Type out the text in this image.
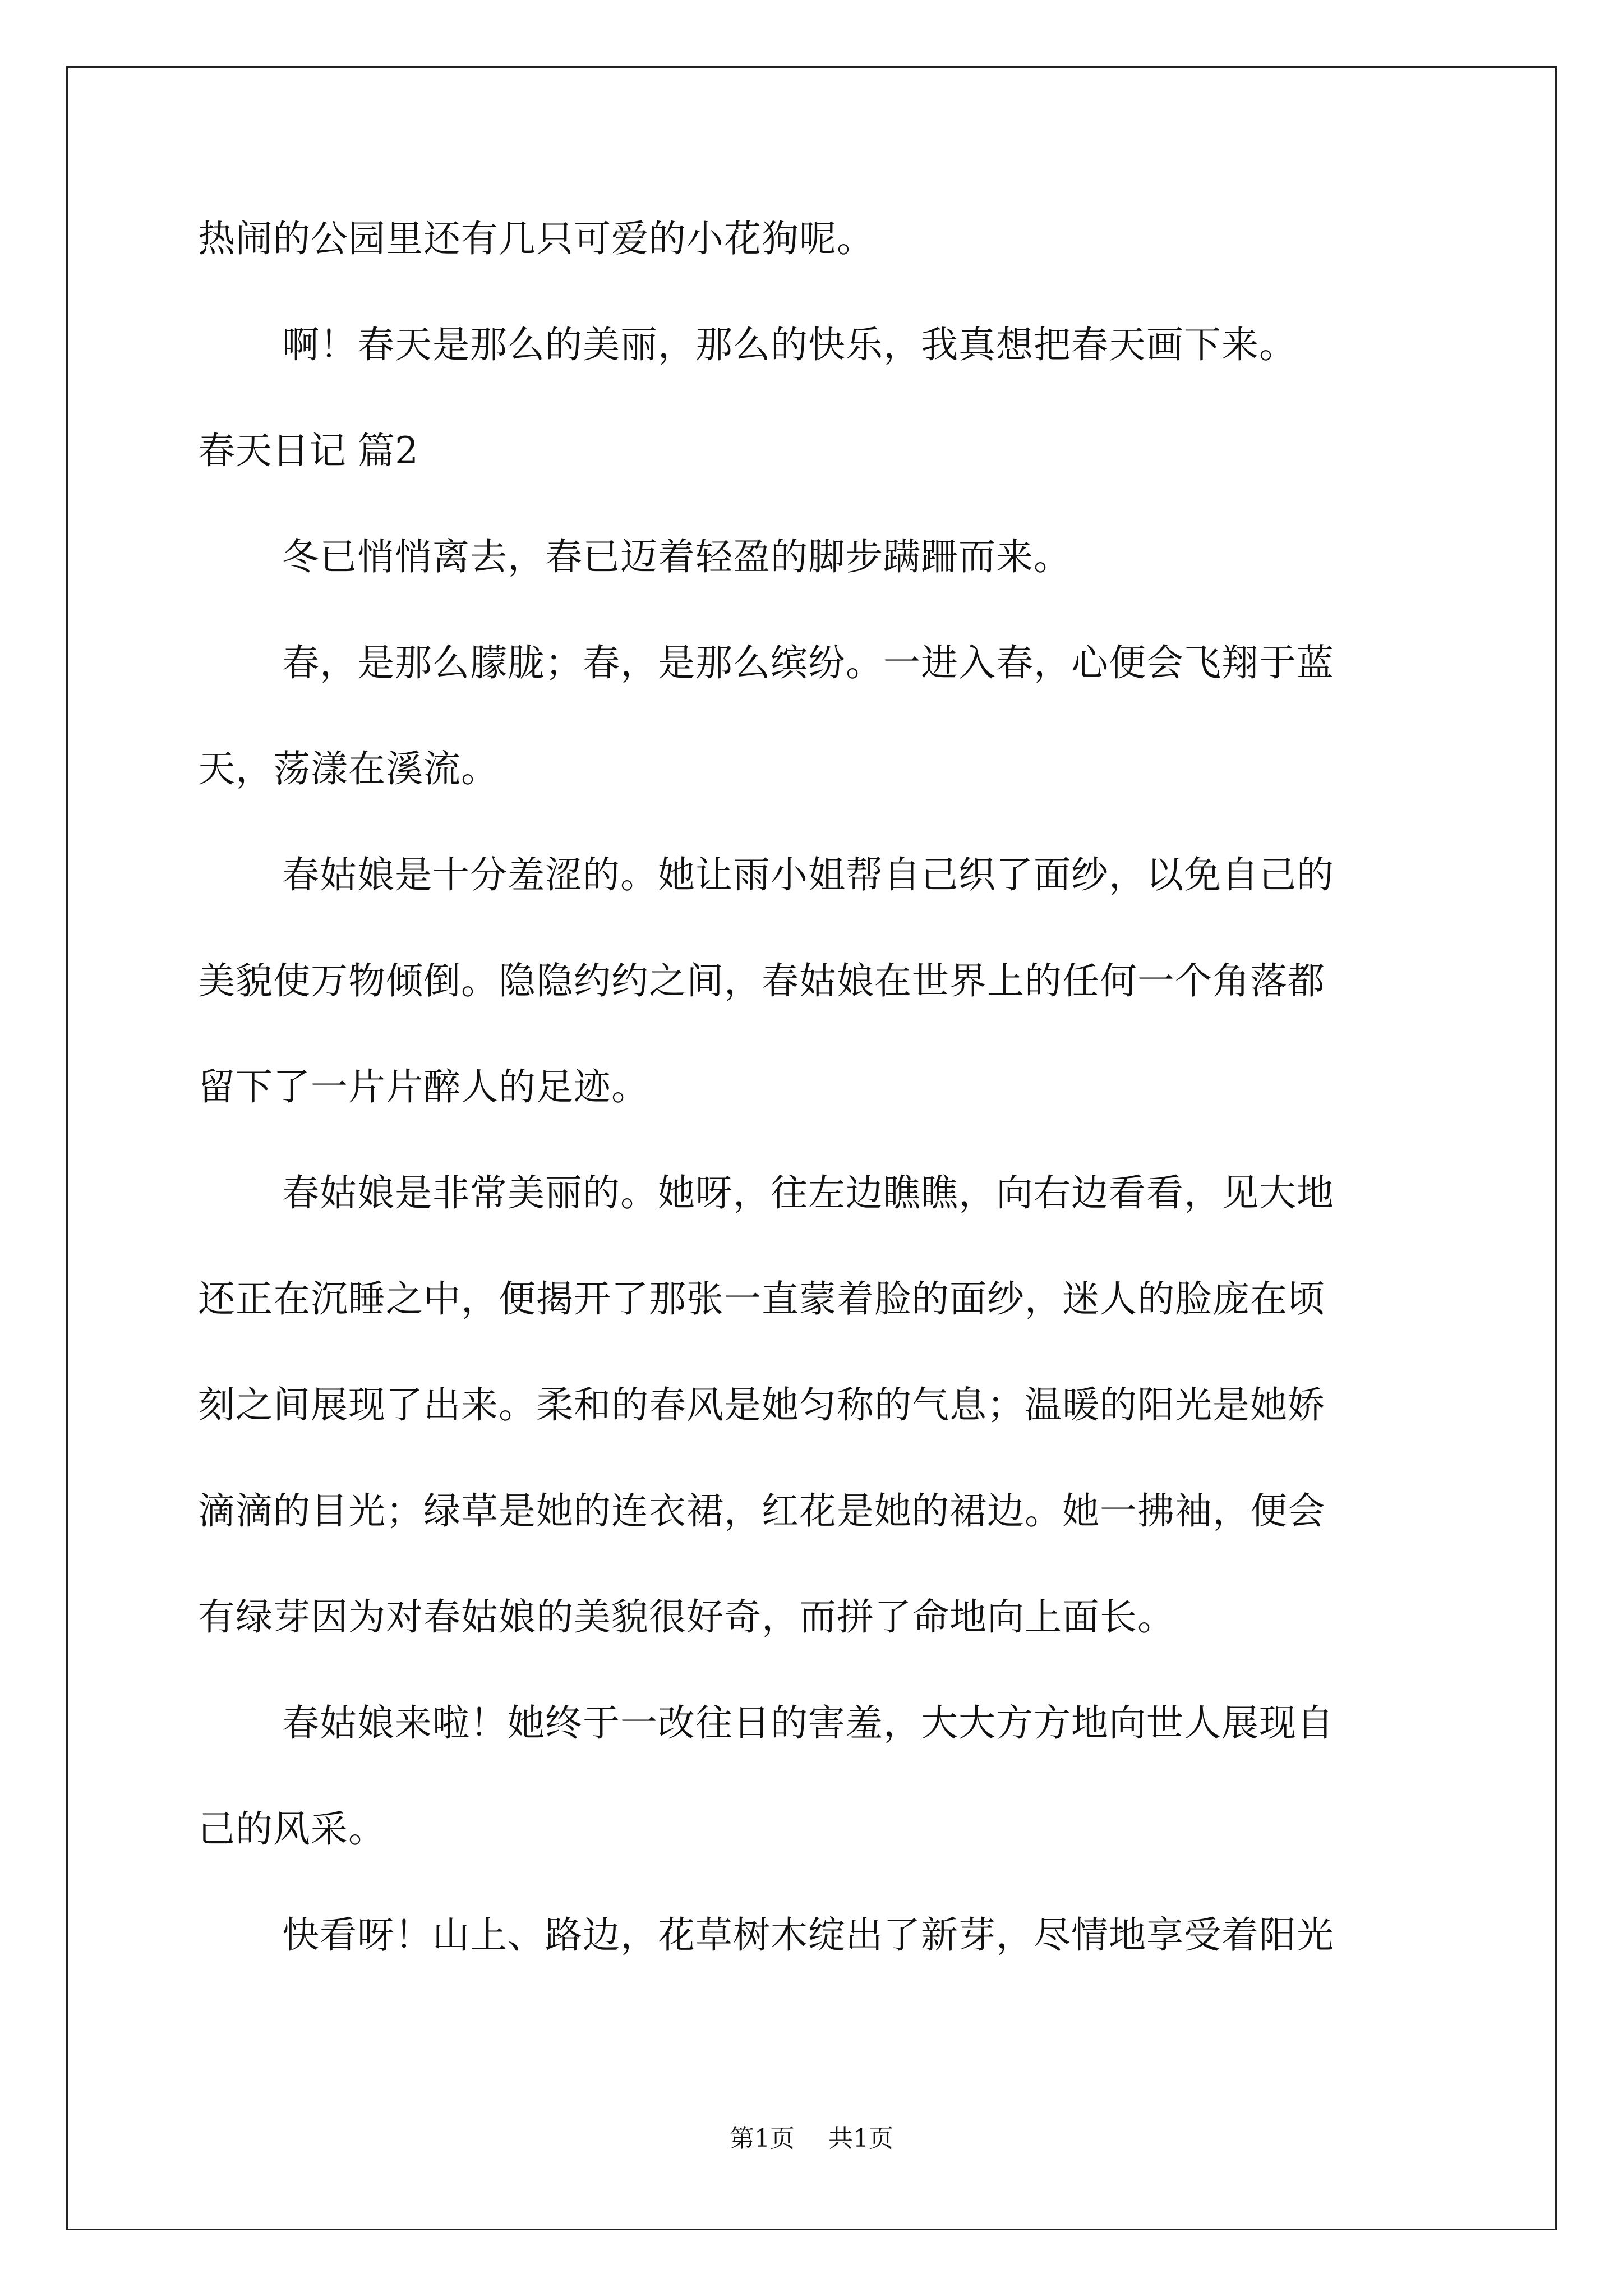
热闹的公园里还有几只可爱的小花狗呢。
啊！春天是那么的美丽，那么的快乐，我真想把春天画下来。
春天日记 篇2
冬已悄悄离去，春已迈着轻盈的脚步蹒跚而来。
春，是那么朦胧；春，是那么缤纷。一进入春，心便会飞翔于蓝
天，荡漾在溪流。
春姑娘是十分羞涩的。她让雨小姐帮自己织了面纱，以免自己的
美貌使万物倾倒。隐隐约约之间，春姑娘在世界上的任何一个角落都
留下了一片片醉人的足迹。
春姑娘是非常美丽的。她呀，往左边瞧瞧，向右边看看，见大地
还正在沉睡之中，便揭开了那张一直蒙着脸的面纱，迷人的脸庞在顷
刻之间展现了出来。柔和的春风是她匀称的气息；温暖的阳光是她娇
滴滴的目光；绿草是她的连衣裙，红花是她的裙边。她一拂袖，便会
有绿芽因为对春姑娘的美貌很好奇，而拼了命地向上面长。
春姑娘来啦！她终于一改往日的害羞，大大方方地向世人展现自
己的风采。
快看呀！山上、路边，花草树木绽出了新芽，尽情地享受着阳光
第1页 共1页
